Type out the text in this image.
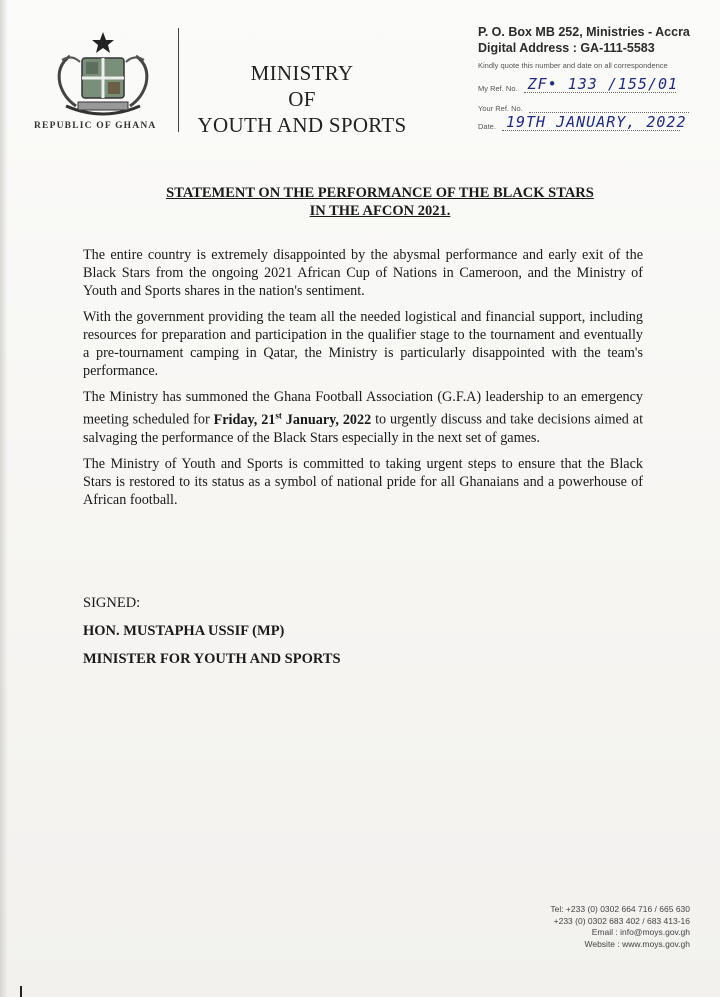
REPUBLIC OF GHANA
MINISTRY
OF
YOUTH AND SPORTS
P. O. Box MB 252, Ministries - Accra
Digital Address : GA-111-5583
Kindly quote this number and date on all correspondence
My Ref. No. ZF• 133 /155/01
Your Ref. No.
Date. 19TH JANUARY, 2022
STATEMENT ON THE PERFORMANCE OF THE BLACK STARS
IN THE AFCON 2021.

The entire country is extremely disappointed by the abysmal performance and early exit of the Black Stars from the ongoing 2021 African Cup of Nations in Cameroon, and the Ministry of Youth and Sports shares in the nation's sentiment.

With the government providing the team all the needed logistical and financial support, including resources for preparation and participation in the qualifier stage to the tournament and eventually a pre-tournament camping in Qatar, the Ministry is particularly disappointed with the team's performance.

The Ministry has summoned the Ghana Football Association (G.F.A) leadership to an emergency meeting scheduled for Friday, 21st January, 2022 to urgently discuss and take decisions aimed at salvaging the performance of the Black Stars especially in the next set of games.

The Ministry of Youth and Sports is committed to taking urgent steps to ensure that the Black Stars is restored to its status as a symbol of national pride for all Ghanaians and a powerhouse of African football.

SIGNED:
HON. MUSTAPHA USSIF (MP)
MINISTER FOR YOUTH AND SPORTS
Tel: +233 (0) 0302 664 716 / 665 630
+233 (0) 0302 683 402 / 683 413-16
Email : info@moys.gov.gh
Website : www.moys.gov.gh
